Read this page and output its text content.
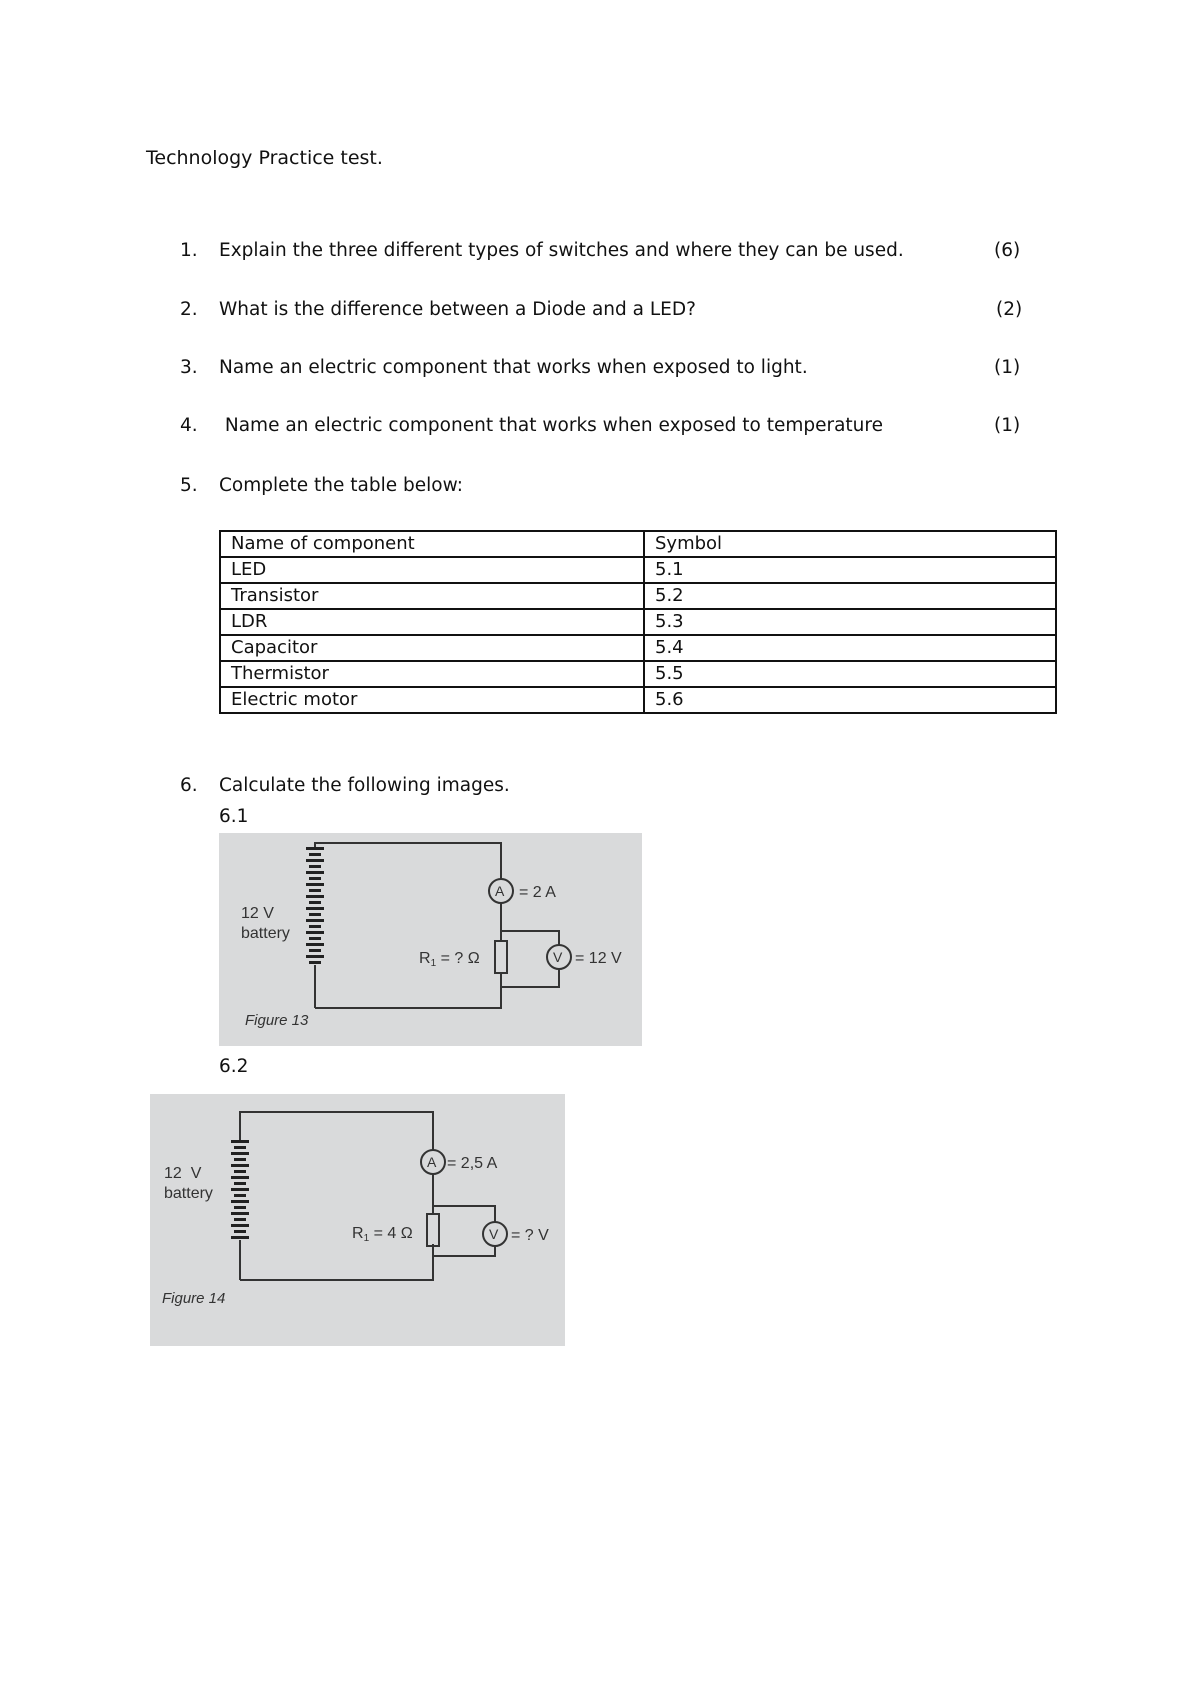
Technology Practice test.
1. Explain the three different types of switches and where they can be used.	(6)
2. What is the difference between a Diode and a LED?	(2)
3. Name an electric component that works when exposed to light.	(1)
4. Name an electric component that works when exposed to temperature	(1)
5. Complete the table below:
Name of component	Symbol
LED	5.1
Transistor	5.2
LDR	5.3
Capacitor	5.4
Thermistor	5.5
Electric motor	5.6
6. Calculate the following images.
6.1
12 V
battery
A = 2 A
V = 12 V
R1 = ? Ω
Figure 13
6.2
12  V
battery
A = 2,5 A
V = ? V
R1 = 4 Ω
Figure 14
